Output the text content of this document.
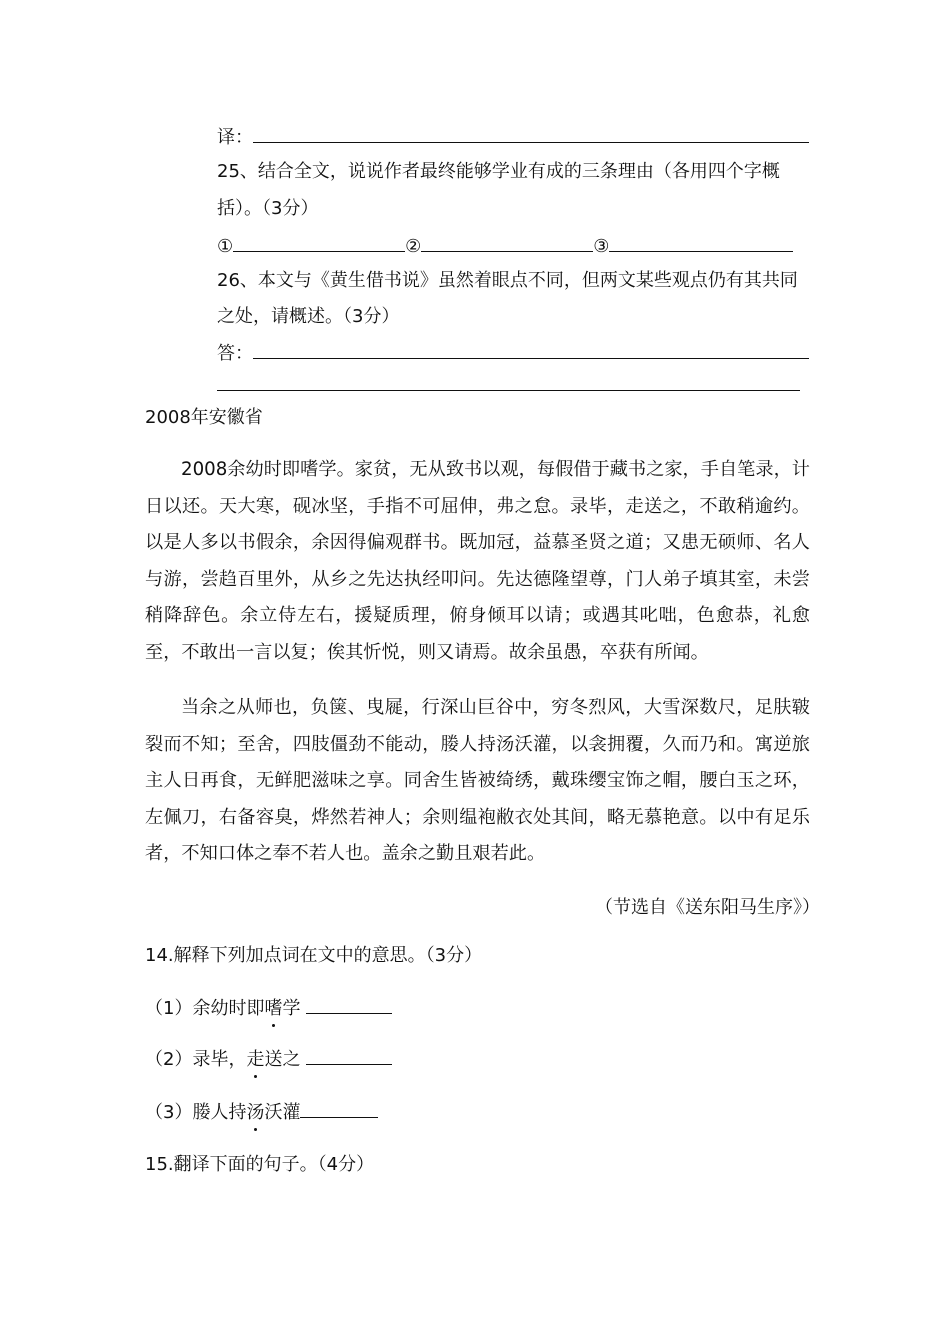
译：
25、结合全文，说说作者最终能够学业有成的三条理由（各用四个字概
括）。（3分）
①	②	③
26、本文与《黄生借书说》虽然着眼点不同，但两文某些观点仍有其共同
之处，请概述。（3分）
答：
2008年安徽省

2008余幼时即嗜学。家贫，无从致书以观，每假借于藏书之家，手自笔录，计日以还。天大寒，砚冰坚，手指不可屈伸，弗之怠。录毕，走送之，不敢稍逾约。以是人多以书假余，余因得偏观群书。既加冠，益慕圣贤之道；又患无硕师、名人与游，尝趋百里外，从乡之先达执经叩问。先达德隆望尊，门人弟子填其室，未尝稍降辞色。余立侍左右，援疑质理，俯身倾耳以请；或遇其叱咄，色愈恭，礼愈至，不敢出一言以复；俟其忻悦，则又请焉。故余虽愚，卒获有所闻。

当余之从师也，负箧、曳屣，行深山巨谷中，穷冬烈风，大雪深数尺，足肤皲裂而不知；至舍，四肢僵劲不能动，媵人持汤沃灌，以衾拥覆，久而乃和。寓逆旅主人日再食，无鲜肥滋味之享。同舍生皆被绮绣，戴珠缨宝饰之帽，腰白玉之环，左佩刀，右备容臭，烨然若神人；余则缊袍敝衣处其间，略无慕艳意。以中有足乐者，不知口体之奉不若人也。盖余之勤且艰若此。

（节选自《送东阳马生序》）
14.解释下列加点词在文中的意思。（3分）
（1）余幼时即嗜学
（2）录毕，走送之
（3）媵人持汤沃灌
15.翻译下面的句子。（4分）
